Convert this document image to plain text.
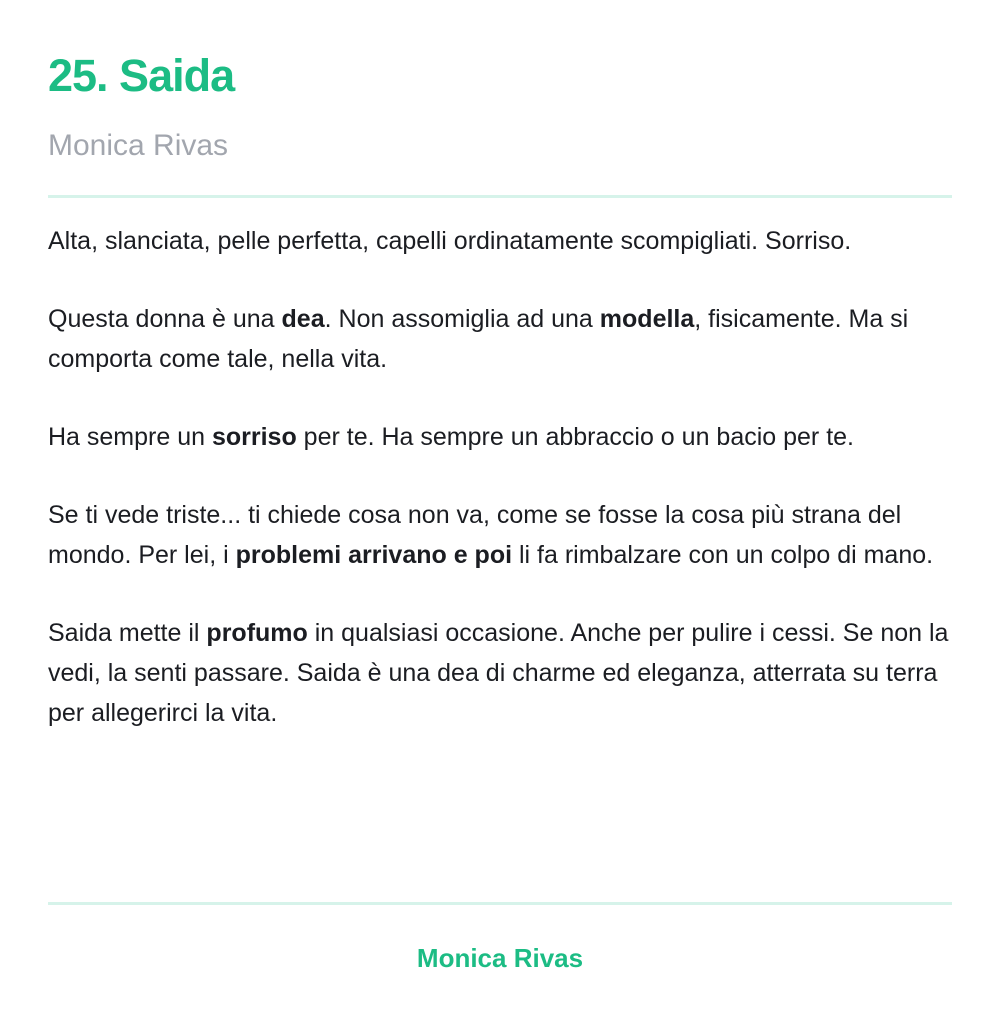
25. Saida
Monica Rivas

Alta, slanciata, pelle perfetta, capelli ordinatamente scompigliati. Sorriso.

Questa donna è una dea. Non assomiglia ad una modella, fisicamente. Ma si comporta come tale, nella vita.

Ha sempre un sorriso per te. Ha sempre un abbraccio o un bacio per te.

Se ti vede triste... ti chiede cosa non va, come se fosse la cosa più strana del mondo. Per lei, i problemi arrivano e poi li fa rimbalzare con un colpo di mano.

Saida mette il profumo in qualsiasi occasione. Anche per pulire i cessi. Se non la vedi, la senti passare. Saida è una dea di charme ed eleganza, atterrata su terra per allegerirci la vita.

Monica Rivas
